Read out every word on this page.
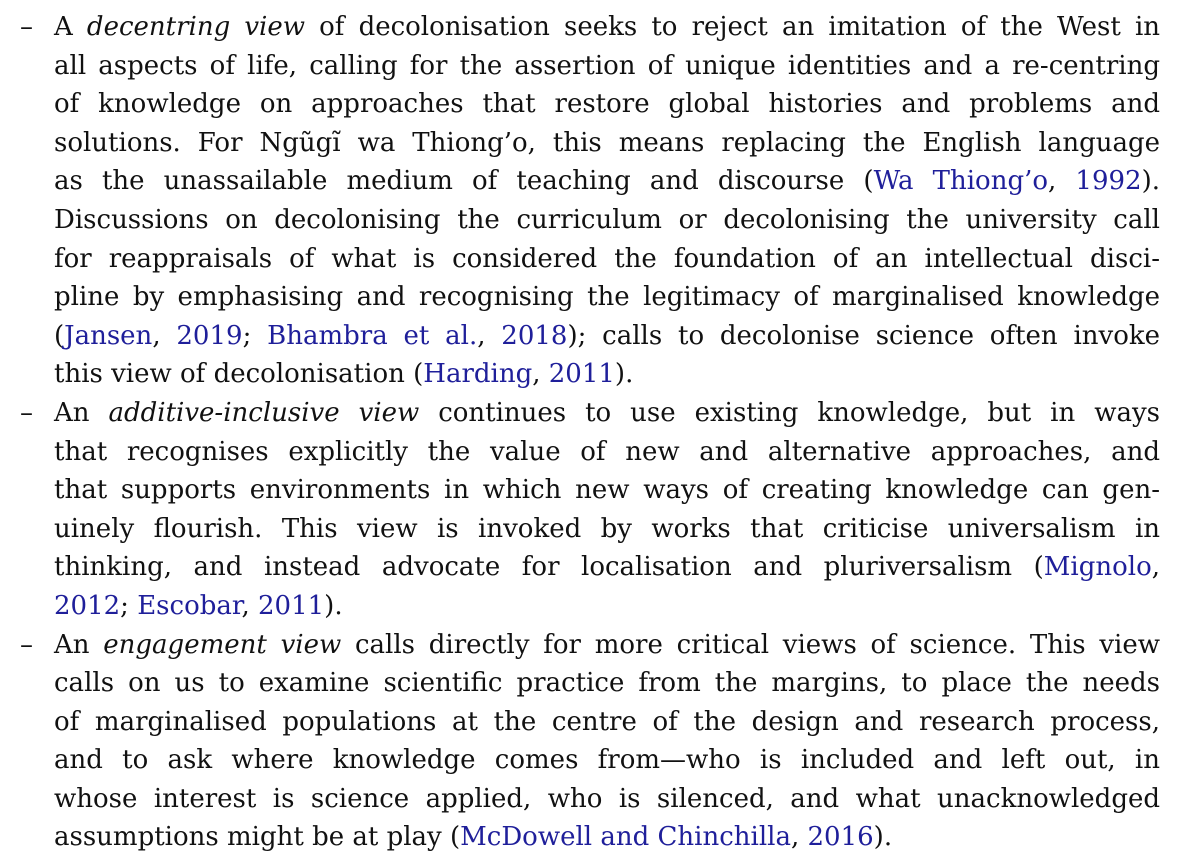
– A decentring view of decolonisation seeks to reject an imitation of the West in
all aspects of life, calling for the assertion of unique identities and a re-centring
of knowledge on approaches that restore global histories and problems and
solutions. For Ngũgĩ wa Thiong’o, this means replacing the English language
as the unassailable medium of teaching and discourse (Wa Thiong’o, 1992).
Discussions on decolonising the curriculum or decolonising the university call
for reappraisals of what is considered the foundation of an intellectual disci-
pline by emphasising and recognising the legitimacy of marginalised knowledge
(Jansen, 2019; Bhambra et al., 2018); calls to decolonise science often invoke
this view of decolonisation (Harding, 2011).
– An additive-inclusive view continues to use existing knowledge, but in ways
that recognises explicitly the value of new and alternative approaches, and
that supports environments in which new ways of creating knowledge can gen-
uinely flourish. This view is invoked by works that criticise universalism in
thinking, and instead advocate for localisation and pluriversalism (Mignolo,
2012; Escobar, 2011).
– An engagement view calls directly for more critical views of science. This view
calls on us to examine scientific practice from the margins, to place the needs
of marginalised populations at the centre of the design and research process,
and to ask where knowledge comes from—who is included and left out, in
whose interest is science applied, who is silenced, and what unacknowledged
assumptions might be at play (McDowell and Chinchilla, 2016).
